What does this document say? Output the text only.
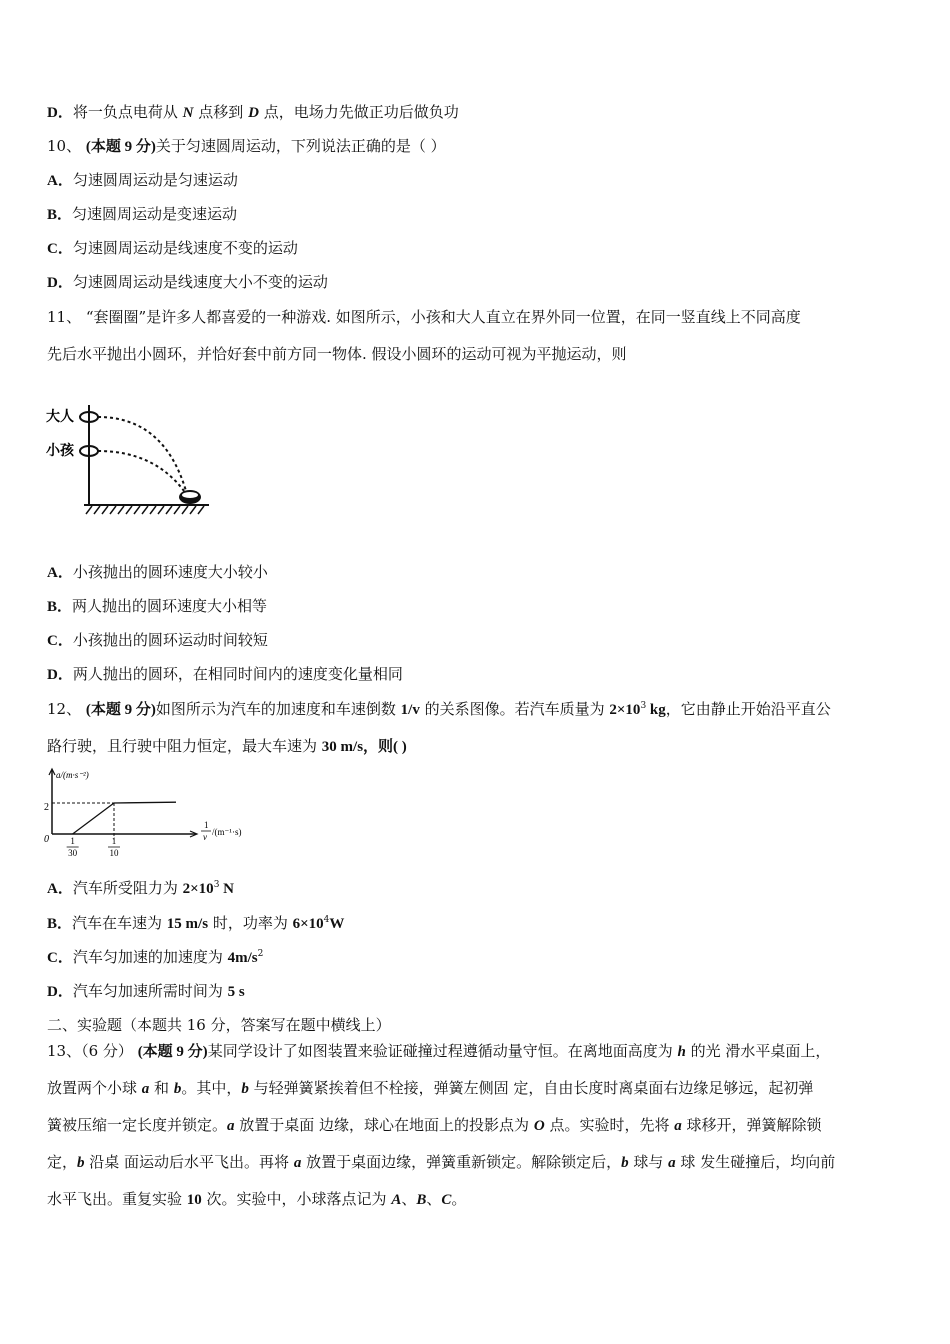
D．将一负点电荷从 N 点移到 D 点，电场力先做正功后做负功
10、 (本题 9 分)关于匀速圆周运动，下列说法正确的是（ ）
A．匀速圆周运动是匀速运动
B．匀速圆周运动是变速运动
C．匀速圆周运动是线速度不变的运动
D．匀速圆周运动是线速度大小不变的运动
11、 “套圈圈”是许多人都喜爱的一种游戏. 如图所示，小孩和大人直立在界外同一位置，在同一竖直线上不同高度
先后水平抛出小圆环，并恰好套中前方同一物体. 假设小圆环的运动可视为平抛运动，则
大人
小孩
A．小孩抛出的圆环速度大小较小
B．两人抛出的圆环速度大小相等
C．小孩抛出的圆环运动时间较短
D．两人抛出的圆环，在相同时间内的速度变化量相同
12、 (本题 9 分)如图所示为汽车的加速度和车速倒数 1/v 的关系图像。若汽车质量为 $2\times 10^3$ kg，它由静止开始沿平直公
路行驶，且行驶中阻力恒定，最大车速为 30 m/s，则( )
a/(m·s⁻²)
0
2
1
v /(m⁻¹·s)
1
30
1
10
A．汽车所受阻力为 $2\times 10^3$ N
B．汽车在车速为 15 m/s 时，功率为 $6\times 10^4W$
C．汽车匀加速的加速度为 $4m/s^2$
D．汽车匀加速所需时间为 5 s
二、实验题（本题共 16 分，答案写在题中横线上）
13、（6 分） (本题 9 分)某同学设计了如图装置来验证碰撞过程遵循动量守恒。在离地面高度为 h 的光 滑水平桌面上，
放置两个小球 a 和 b。其中，b 与轻弹簧紧挨着但不栓接，弹簧左侧固 定，自由长度时离桌面右边缘足够远，起初弹
簧被压缩一定长度并锁定。a 放置于桌面 边缘，球心在地面上的投影点为 O 点。实验时，先将 a 球移开，弹簧解除锁
定，b 沿桌 面运动后水平飞出。再将 a 放置于桌面边缘，弹簧重新锁定。解除锁定后，b 球与 a 球 发生碰撞后，均向前
水平飞出。重复实验 10 次。实验中，小球落点记为 A、B、C。
